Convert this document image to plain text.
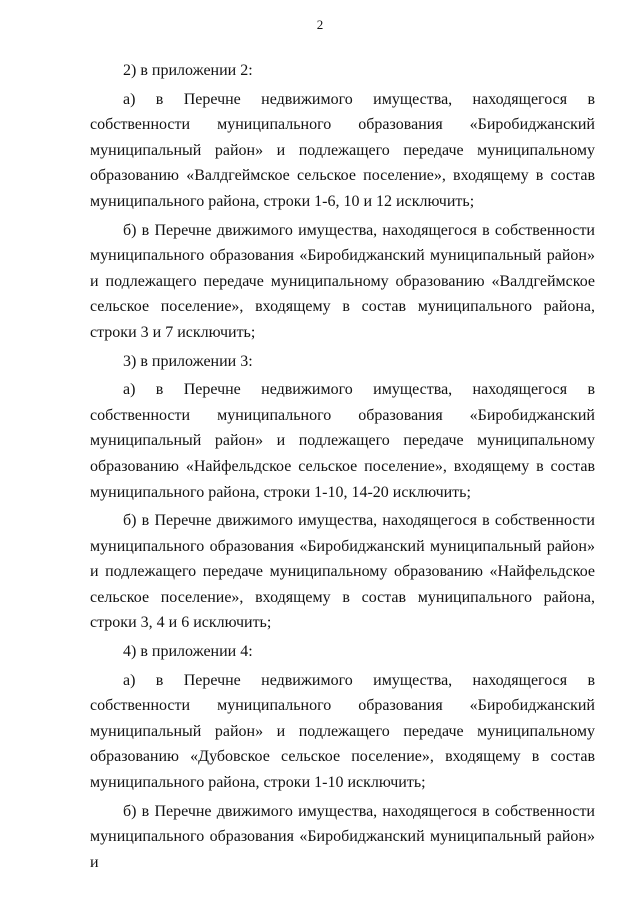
2

2) в приложении 2:

а) в Перечне недвижимого имущества, находящегося в собственности муниципального образования «Биробиджанский муниципальный район» и подлежащего передаче муниципальному образованию «Валдгеймское сельское поселение», входящему в состав муниципального района, строки 1-6, 10 и 12 исключить;

б) в Перечне движимого имущества, находящегося в собственности муниципального образования «Биробиджанский муниципальный район» и подлежащего передаче муниципальному образованию «Валдгеймское сельское поселение», входящему в состав муниципального района, строки 3 и 7 исключить;

3) в приложении 3:

а) в Перечне недвижимого имущества, находящегося в собственности муниципального образования «Биробиджанский муниципальный район» и подлежащего передаче муниципальному образованию «Найфельдское сельское поселение», входящему в состав муниципального района, строки 1-10, 14-20 исключить;

б) в Перечне движимого имущества, находящегося в собственности муниципального образования «Биробиджанский муниципальный район» и подлежащего передаче муниципальному образованию «Найфельдское сельское поселение», входящему в состав муниципального района, строки 3, 4 и 6 исключить;

4) в приложении 4:

а) в Перечне недвижимого имущества, находящегося в собственности муниципального образования «Биробиджанский муниципальный район» и подлежащего передаче муниципальному образованию «Дубовское сельское поселение», входящему в состав муниципального района, строки 1-10 исключить;

б) в Перечне движимого имущества, находящегося в собственности муниципального образования «Биробиджанский муниципальный район» и
